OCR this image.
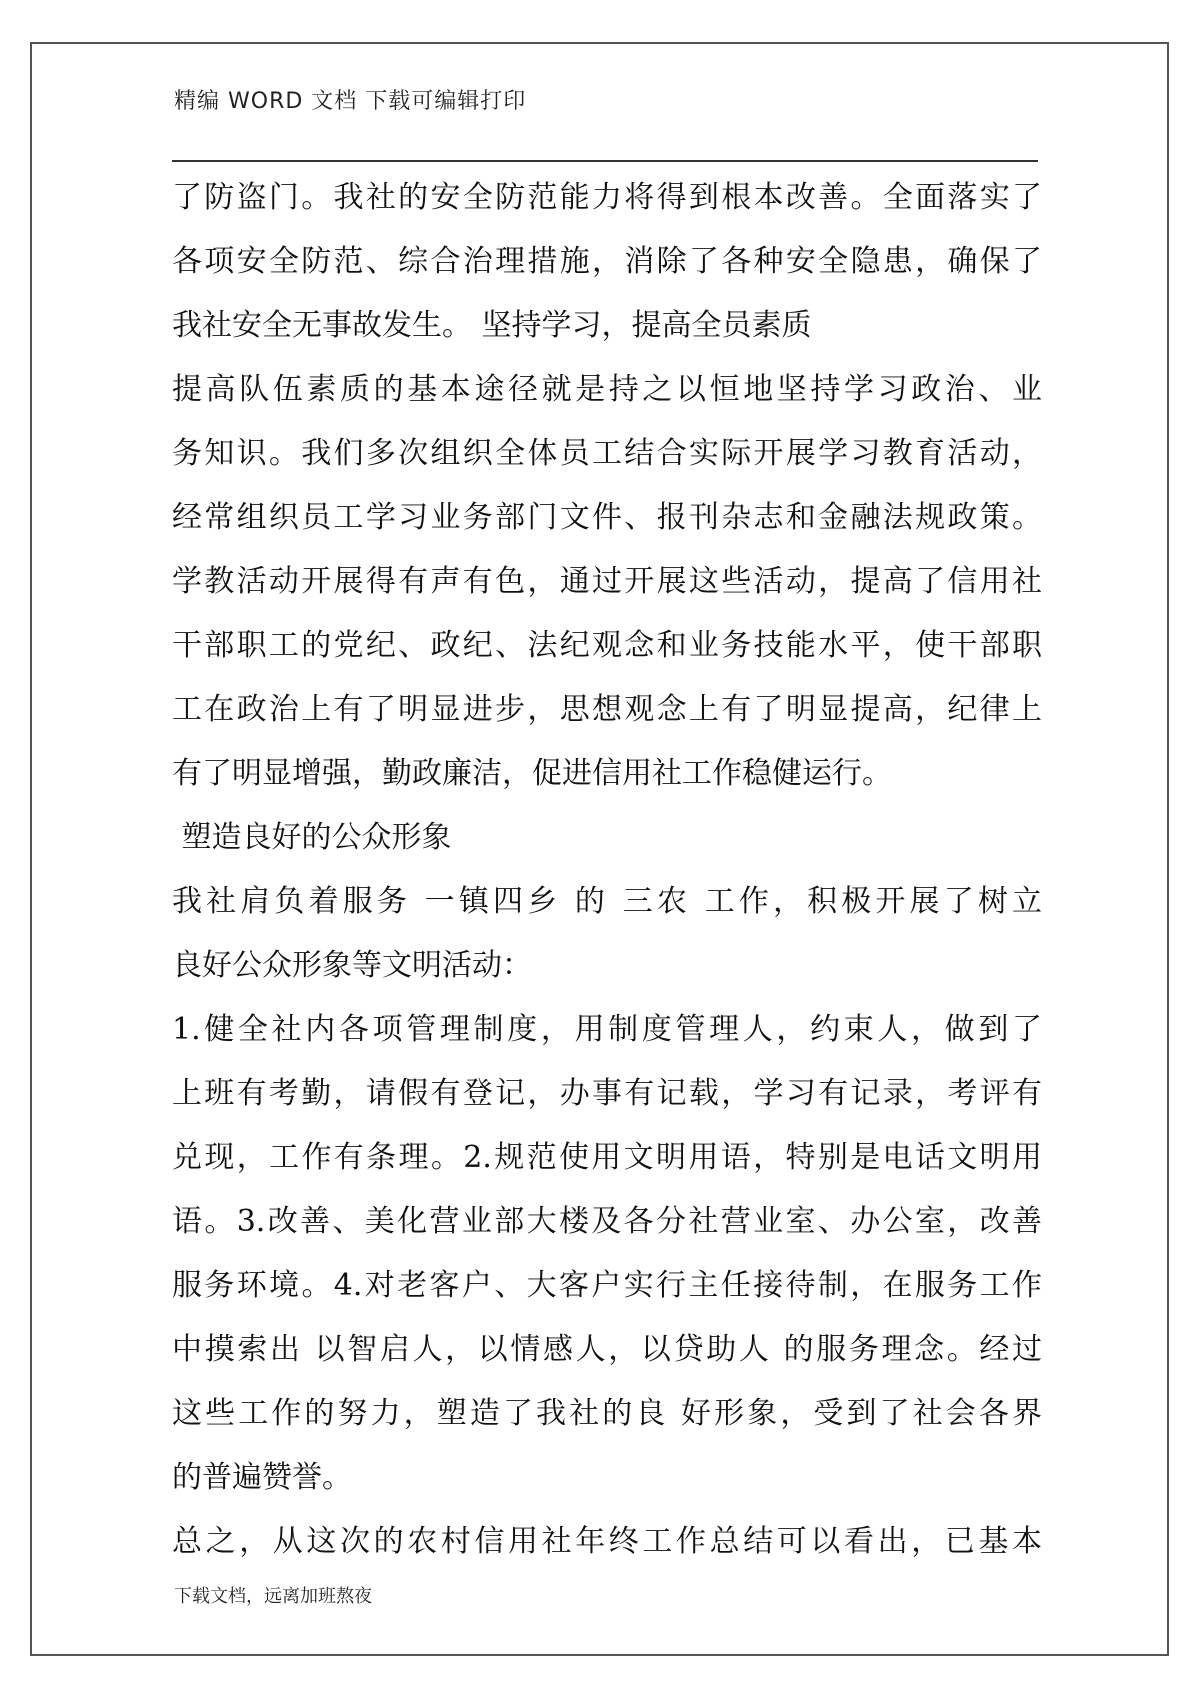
精编 WORD 文档 下载可编辑打印
了防盗门。我社的安全防范能力将得到根本改善。全面落实了
各项安全防范、综合治理措施，消除了各种安全隐患，确保了
我社安全无事故发生。 坚持学习，提高全员素质
提高队伍素质的基本途径就是持之以恒地坚持学习政治、业
务知识。我们多次组织全体员工结合实际开展学习教育活动，
经常组织员工学习业务部门文件、报刊杂志和金融法规政策。
学教活动开展得有声有色，通过开展这些活动，提高了信用社
干部职工的党纪、政纪、法纪观念和业务技能水平，使干部职
工在政治上有了明显进步，思想观念上有了明显提高，纪律上
有了明显增强，勤政廉洁，促进信用社工作稳健运行。
塑造良好的公众形象
我社肩负着服务 一镇四乡 的 三农 工作，积极开展了树立
良好公众形象等文明活动：
1.健全社内各项管理制度，用制度管理人，约束人，做到了
上班有考勤，请假有登记，办事有记载，学习有记录，考评有
兑现，工作有条理。2.规范使用文明用语，特别是电话文明用
语。3.改善、美化营业部大楼及各分社营业室、办公室，改善
服务环境。4.对老客户、大客户实行主任接待制，在服务工作
中摸索出 以智启人，以情感人，以贷助人 的服务理念。经过
这些工作的努力，塑造了我社的良 好形象，受到了社会各界
的普遍赞誉。
总之，从这次的农村信用社年终工作总结可以看出，已基本
下载文档，远离加班熬夜
